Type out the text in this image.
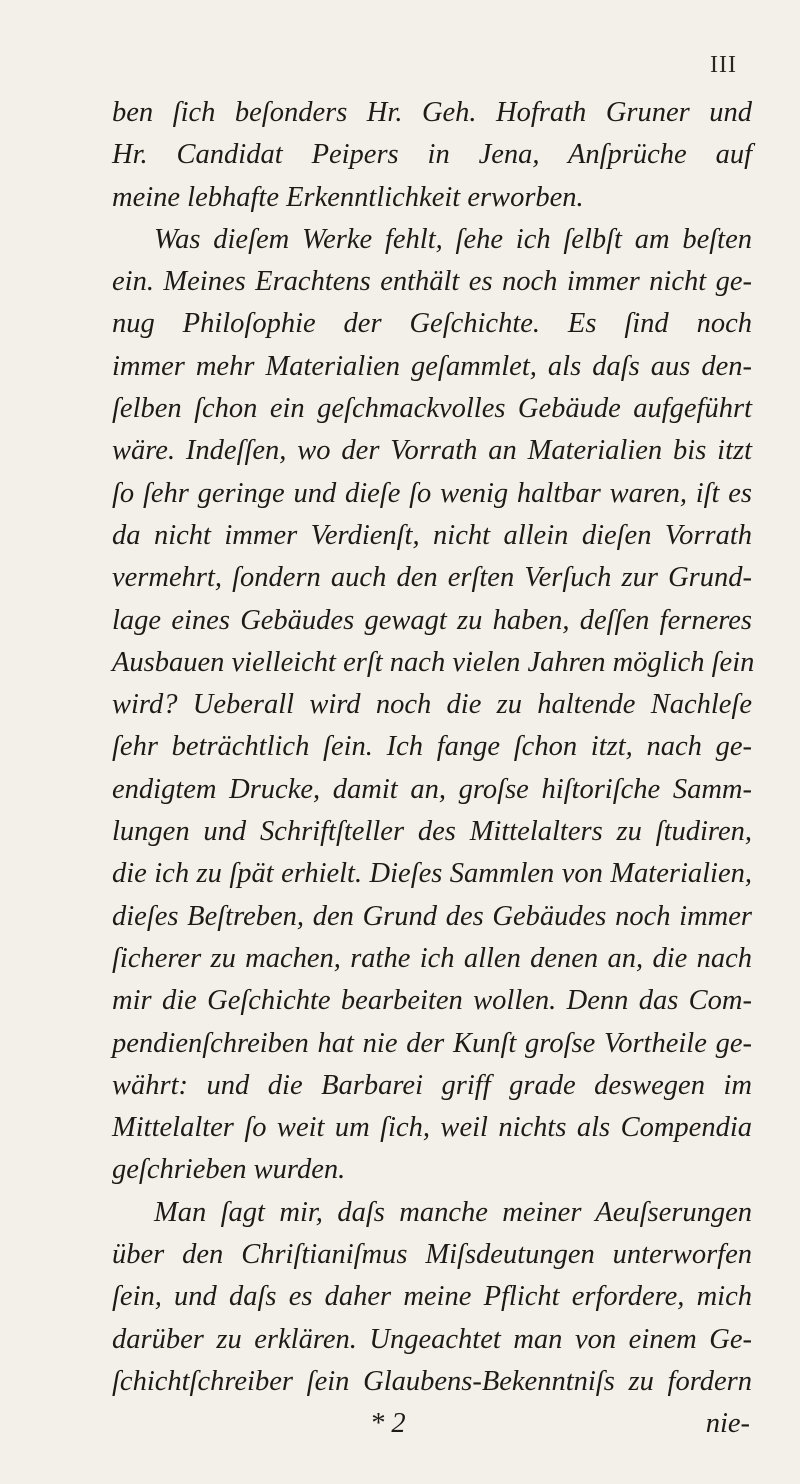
III
ben ſich beſonders Hr. Geh. Hofrath Gruner und
Hr. Candidat Peipers in Jena, Anſprüche auf
meine lebhafte Erkenntlichkeit erworben.
Was dieſem Werke fehlt, ſehe ich ſelbſt am beſten
ein. Meines Erachtens enthält es noch immer nicht ge-
nug Philoſophie der Geſchichte. Es ſind noch
immer mehr Materialien geſammlet, als daſs aus den-
ſelben ſchon ein geſchmackvolles Gebäude aufgeführt
wäre. Indeſſen, wo der Vorrath an Materialien bis itzt
ſo ſehr geringe und dieſe ſo wenig haltbar waren, iſt es
da nicht immer Verdienſt, nicht allein dieſen Vorrath
vermehrt, ſondern auch den erſten Verſuch zur Grund-
lage eines Gebäudes gewagt zu haben, deſſen ferneres
Ausbauen vielleicht erſt nach vielen Jahren möglich ſein
wird? Ueberall wird noch die zu haltende Nachleſe
ſehr beträchtlich ſein. Ich fange ſchon itzt, nach ge-
endigtem Drucke, damit an, groſse hiſtoriſche Samm-
lungen und Schriftſteller des Mittelalters zu ſtudiren,
die ich zu ſpät erhielt. Dieſes Sammlen von Materialien,
dieſes Beſtreben, den Grund des Gebäudes noch immer
ſicherer zu machen, rathe ich allen denen an, die nach
mir die Geſchichte bearbeiten wollen. Denn das Com-
pendienſchreiben hat nie der Kunſt groſse Vortheile ge-
währt: und die Barbarei griff grade deswegen im
Mittelalter ſo weit um ſich, weil nichts als Compendia
geſchrieben wurden.
Man ſagt mir, daſs manche meiner Aeuſserungen
über den Chriſtianiſmus Miſsdeutungen unterworfen
ſein, und daſs es daher meine Pflicht erfordere, mich
darüber zu erklären. Ungeachtet man von einem Ge-
ſchichtſchreiber ſein Glaubens-Bekenntniſs zu fordern
* 2	nie-
